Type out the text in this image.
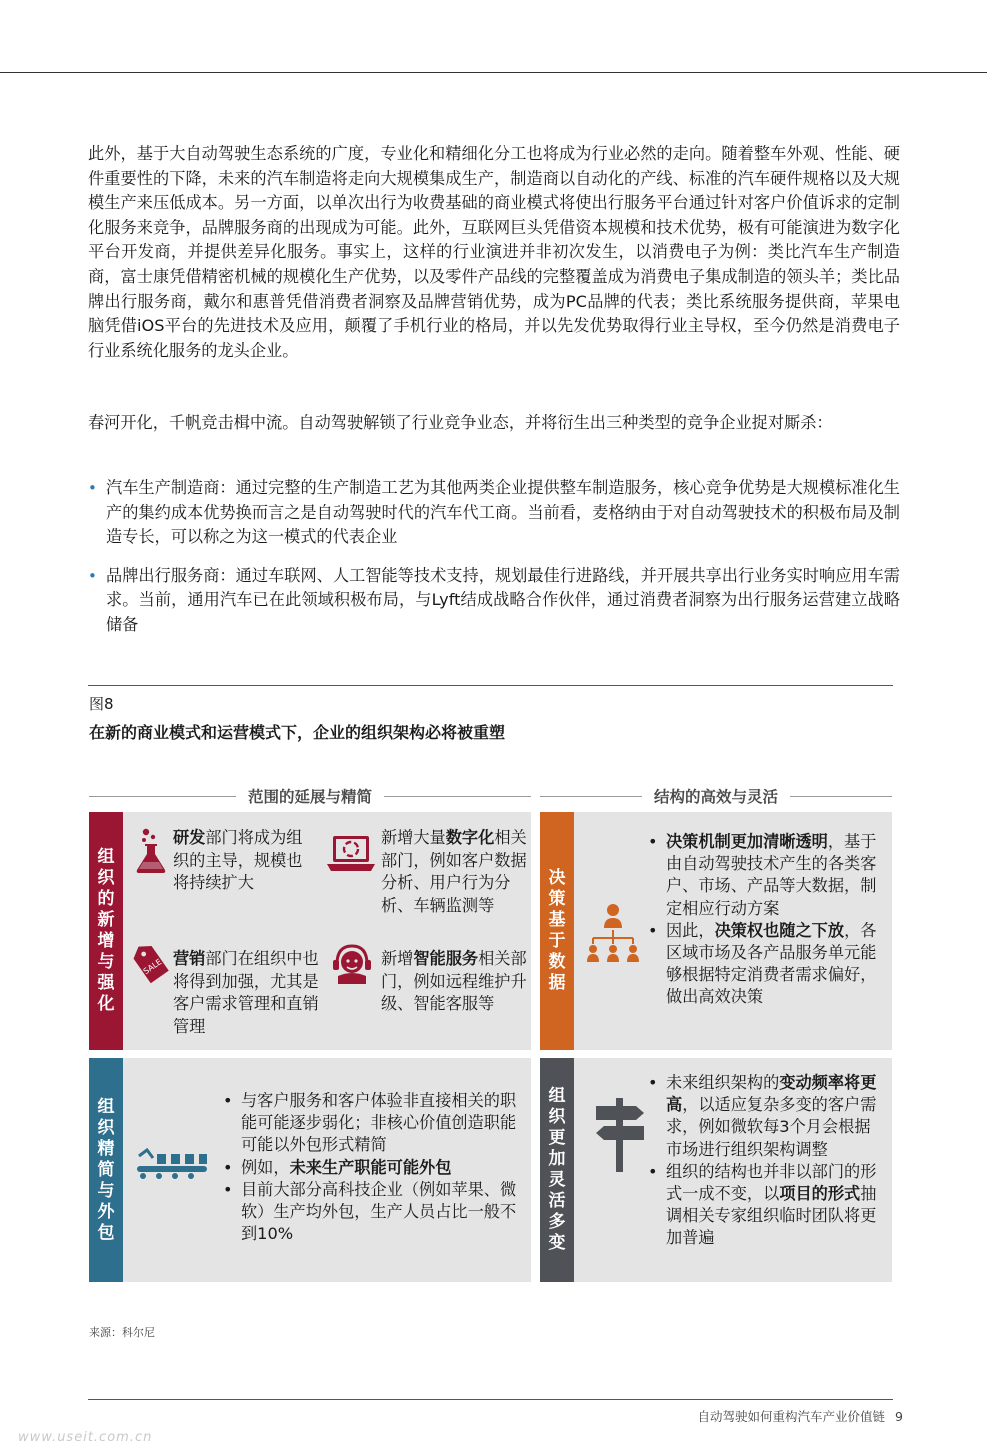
此外，基于大自动驾驶生态系统的广度，专业化和精细化分工也将成为行业必然的走向。随着整车外观、性能、硬件重要性的下降，未来的汽车制造将走向大规模集成生产，制造商以自动化的产线、标准的汽车硬件规格以及大规模生产来压低成本。另一方面，以单次出行为收费基础的商业模式将使出行服务平台通过针对客户价值诉求的定制化服务来竞争，品牌服务商的出现成为可能。此外，互联网巨头凭借资本规模和技术优势，极有可能演进为数字化平台开发商，并提供差异化服务。事实上，这样的行业演进并非初次发生，以消费电子为例：类比汽车生产制造商，富士康凭借精密机械的规模化生产优势，以及零件产品线的完整覆盖成为消费电子集成制造的领头羊；类比品牌出行服务商，戴尔和惠普凭借消费者洞察及品牌营销优势，成为PC品牌的代表；类比系统服务提供商，苹果电脑凭借iOS平台的先进技术及应用，颠覆了手机行业的格局，并以先发优势取得行业主导权，至今仍然是消费电子行业系统化服务的龙头企业。

春河开化，千帆竞击楫中流。自动驾驶解锁了行业竞争业态，并将衍生出三种类型的竞争企业捉对厮杀：

• 汽车生产制造商：通过完整的生产制造工艺为其他两类企业提供整车制造服务，核心竞争优势是大规模标准化生产的集约成本优势换而言之是自动驾驶时代的汽车代工商。当前看，麦格纳由于对自动驾驶技术的积极布局及制造专长，可以称之为这一模式的代表企业
• 品牌出行服务商：通过车联网、人工智能等技术支持，规划最佳行进路线，并开展共享出行业务实时响应用车需求。当前，通用汽车已在此领域积极布局，与Lyft结成战略合作伙伴，通过消费者洞察为出行服务运营建立战略储备
图8
在新的商业模式和运营模式下，企业的组织架构必将被重塑
范围的延展与精简	结构的高效与灵活
组
织
的
新
增
与
强
化
研发部门将成为组织的主导，规模也将持续扩大
新增大量数字化相关部门，例如客户数据分析、用户行为分析、车辆监测等
SALE 营销部门在组织中也将得到加强，尤其是客户需求管理和直销管理
新增智能服务相关部门，例如远程维护升级、智能客服等
决
策
基
于
数
据
• 决策机制更加清晰透明，基于由自动驾驶技术产生的各类客户、市场、产品等大数据，制定相应行动方案
• 因此，决策权也随之下放，各区域市场及各产品服务单元能够根据特定消费者需求偏好，做出高效决策
组
织
精
简
与
外
包
• 与客户服务和客户体验非直接相关的职能可能逐步弱化；非核心价值创造职能可能以外包形式精简
• 例如，未来生产职能可能外包
• 目前大部分高科技企业（例如苹果、微软）生产均外包，生产人员占比一般不到10%
组
织
更
加
灵
活
多
变
• 未来组织架构的变动频率将更高，以适应复杂多变的客户需求，例如微软每3个月会根据市场进行组织架构调整
• 组织的结构也并非以部门的形式一成不变，以项目的形式抽调相关专家组织临时团队将更加普遍
来源：科尔尼
自动驾驶如何重构汽车产业价值链 9
www.useit.com.cn
